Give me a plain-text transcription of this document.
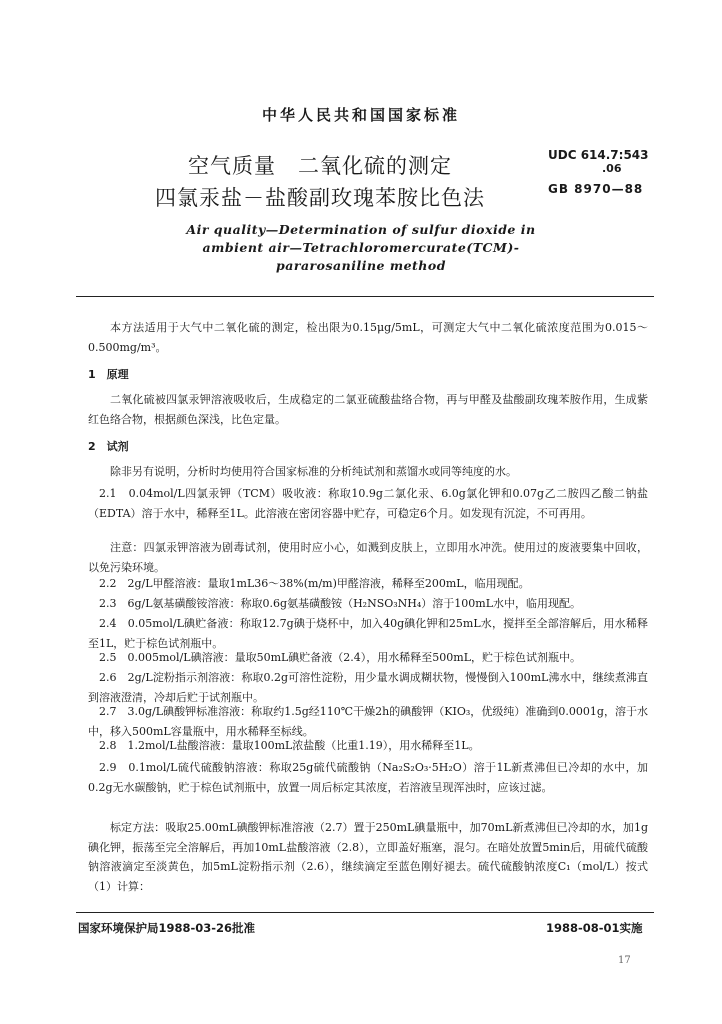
中华人民共和国国家标准
空气质量　二氧化硫的测定
四氯汞盐－盐酸副玫瑰苯胺比色法
UDC 614.7:543
.06
GB 8970—88
Air quality—Determination of sulfur dioxide in
ambient air—Tetrachloromercurate(TCM)-
pararosaniline method
本方法适用于大气中二氧化硫的测定，检出限为0.15μg/5mL，可测定大气中二氧化硫浓度范围为0.015～0.500mg/m³。
1　原理
二氧化硫被四氯汞钾溶液吸收后，生成稳定的二氯亚硫酸盐络合物，再与甲醛及盐酸副玫瑰苯胺作用，生成紫红色络合物，根据颜色深浅，比色定量。
2　试剂
除非另有说明，分析时均使用符合国家标准的分析纯试剂和蒸馏水或同等纯度的水。
2.1　0.04mol/L四氯汞钾（TCM）吸收液：称取10.9g二氯化汞、6.0g氯化钾和0.07g乙二胺四乙酸二钠盐（EDTA）溶于水中，稀释至1L。此溶液在密闭容器中贮存，可稳定6个月。如发现有沉淀，不可再用。
注意：四氯汞钾溶液为剧毒试剂，使用时应小心，如溅到皮肤上，立即用水冲洗。使用过的废液要集中回收，以免污染环境。
2.2　2g/L甲醛溶液：量取1mL36～38%(m/m)甲醛溶液，稀释至200mL，临用现配。
2.3　6g/L氨基磺酸铵溶液：称取0.6g氨基磺酸铵（H₂NSO₃NH₄）溶于100mL水中，临用现配。
2.4　0.05mol/L碘贮备液：称取12.7g碘于烧杯中，加入40g碘化钾和25mL水，搅拌至全部溶解后，用水稀释至1L，贮于棕色试剂瓶中。
2.5　0.005mol/L碘溶液：量取50mL碘贮备液（2.4），用水稀释至500mL，贮于棕色试剂瓶中。
2.6　2g/L淀粉指示剂溶液：称取0.2g可溶性淀粉，用少量水调成糊状物，慢慢倒入100mL沸水中，继续煮沸直到溶液澄清，冷却后贮于试剂瓶中。
2.7　3.0g/L碘酸钾标准溶液：称取约1.5g经110℃干燥2h的碘酸钾（KIO₃，优级纯）准确到0.0001g，溶于水中，移入500mL容量瓶中，用水稀释至标线。
2.8　1.2mol/L盐酸溶液：量取100mL浓盐酸（比重1.19），用水稀释至1L。
2.9　0.1mol/L硫代硫酸钠溶液：称取25g硫代硫酸钠（Na₂S₂O₃·5H₂O）溶于1L新煮沸但已冷却的水中，加0.2g无水碳酸钠，贮于棕色试剂瓶中，放置一周后标定其浓度，若溶液呈现浑浊时，应该过滤。
标定方法：吸取25.00mL碘酸钾标准溶液（2.7）置于250mL碘量瓶中，加70mL新煮沸但已冷却的水，加1g碘化钾，振荡至完全溶解后，再加10mL盐酸溶液（2.8），立即盖好瓶塞，混匀。在暗处放置5min后，用硫代硫酸钠溶液滴定至淡黄色，加5mL淀粉指示剂（2.6），继续滴定至蓝色刚好褪去。硫代硫酸钠浓度C₁（mol/L）按式（1）计算：
国家环境保护局1988-03-26批准	1988-08-01实施
17
